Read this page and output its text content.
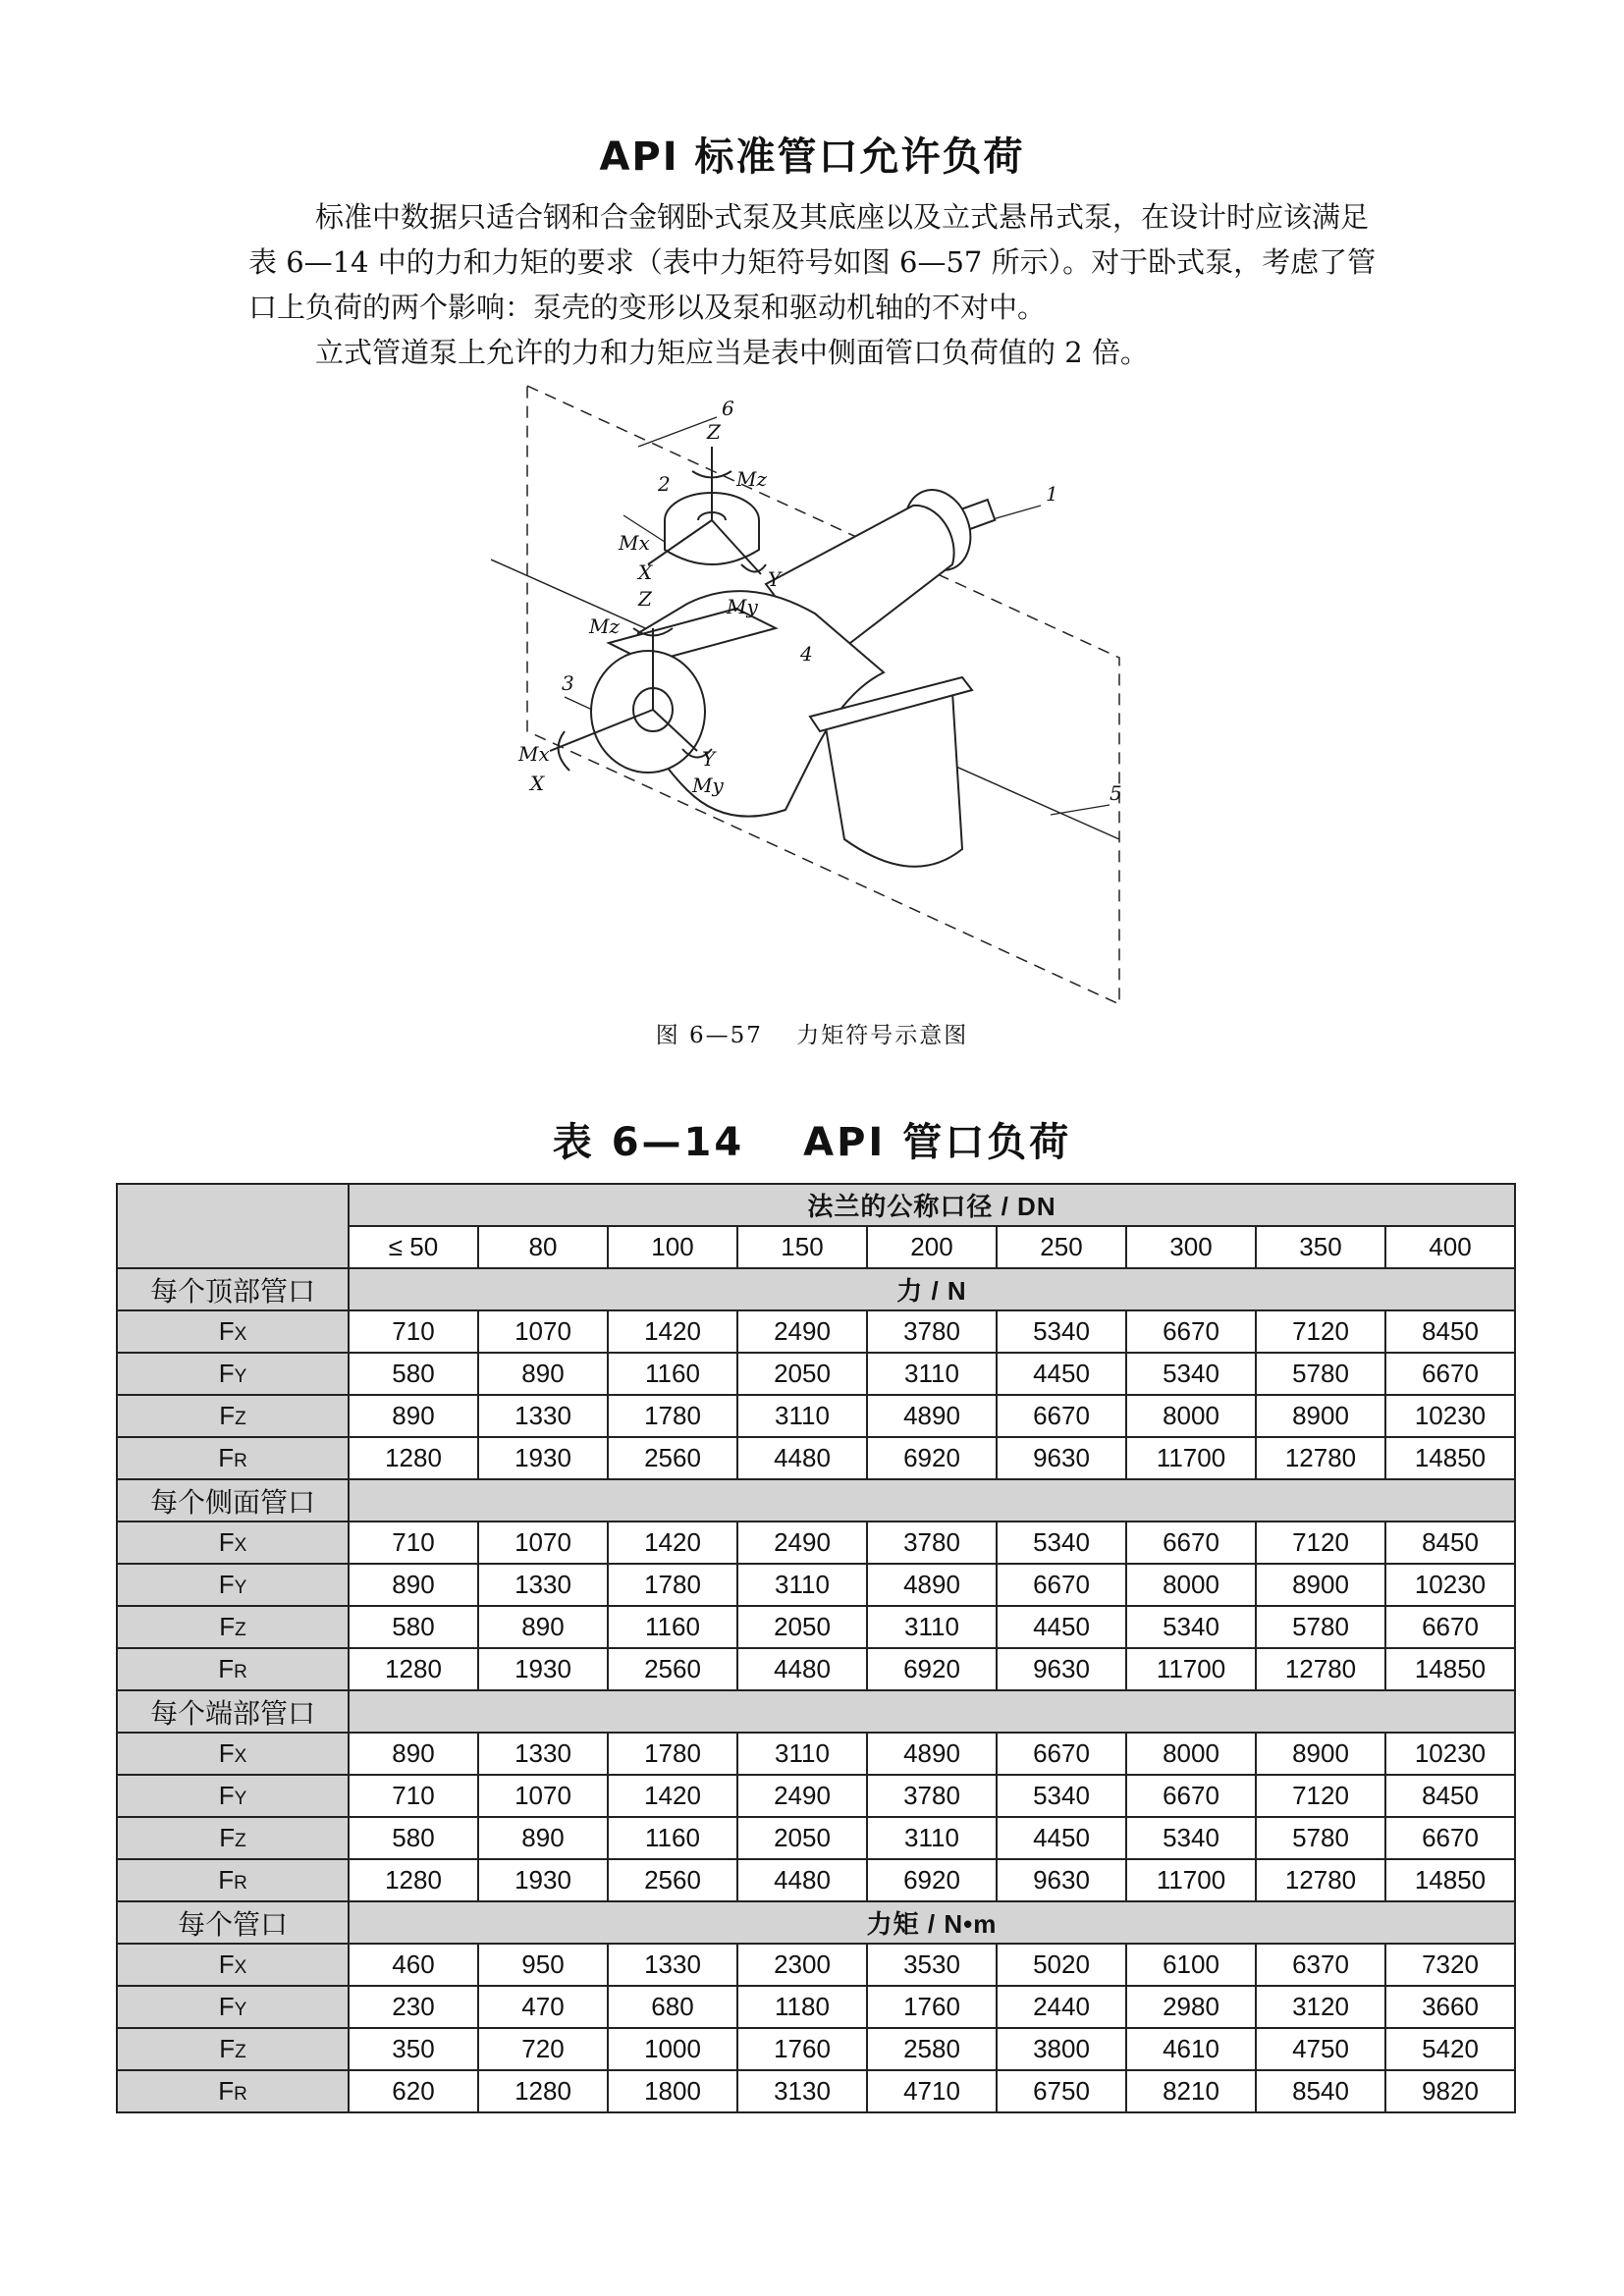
API 标准管口允许负荷

标准中数据只适合钢和合金钢卧式泵及其底座以及立式悬吊式泵，在设计时应该满足表 6—14 中的力和力矩的要求（表中力矩符号如图 6—57 所示）。对于卧式泵，考虑了管口上负荷的两个影响：泵壳的变形以及泵和驱动机轴的不对中。

立式管道泵上允许的力和力矩应当是表中侧面管口负荷值的 2 倍。

6
1
2
3
4
5
Z
Mz
Mx
X	Y
My
Z
Mz
Mx
X
Y
My
图 6—57　 力矩符号示意图
表 6—14　 API 管口负荷
	法兰的公称口径 / DN								
	≤ 50	80	100	150	200	250	300	350	400
每个顶部管口	力 / N								
FX	710	1070	1420	2490	3780	5340	6670	7120	8450
FY	580	890	1160	2050	3110	4450	5340	5780	6670
FZ	890	1330	1780	3110	4890	6670	8000	8900	10230
FR	1280	1930	2560	4480	6920	9630	11700	12780	14850
每个侧面管口									
FX	710	1070	1420	2490	3780	5340	6670	7120	8450
FY	890	1330	1780	3110	4890	6670	8000	8900	10230
FZ	580	890	1160	2050	3110	4450	5340	5780	6670
FR	1280	1930	2560	4480	6920	9630	11700	12780	14850
每个端部管口									
FX	890	1330	1780	3110	4890	6670	8000	8900	10230
FY	710	1070	1420	2490	3780	5340	6670	7120	8450
FZ	580	890	1160	2050	3110	4450	5340	5780	6670
FR	1280	1930	2560	4480	6920	9630	11700	12780	14850
每个管口	力矩 / N•m								
FX	460	950	1330	2300	3530	5020	6100	6370	7320
FY	230	470	680	1180	1760	2440	2980	3120	3660
FZ	350	720	1000	1760	2580	3800	4610	4750	5420
FR	620	1280	1800	3130	4710	6750	8210	8540	9820
